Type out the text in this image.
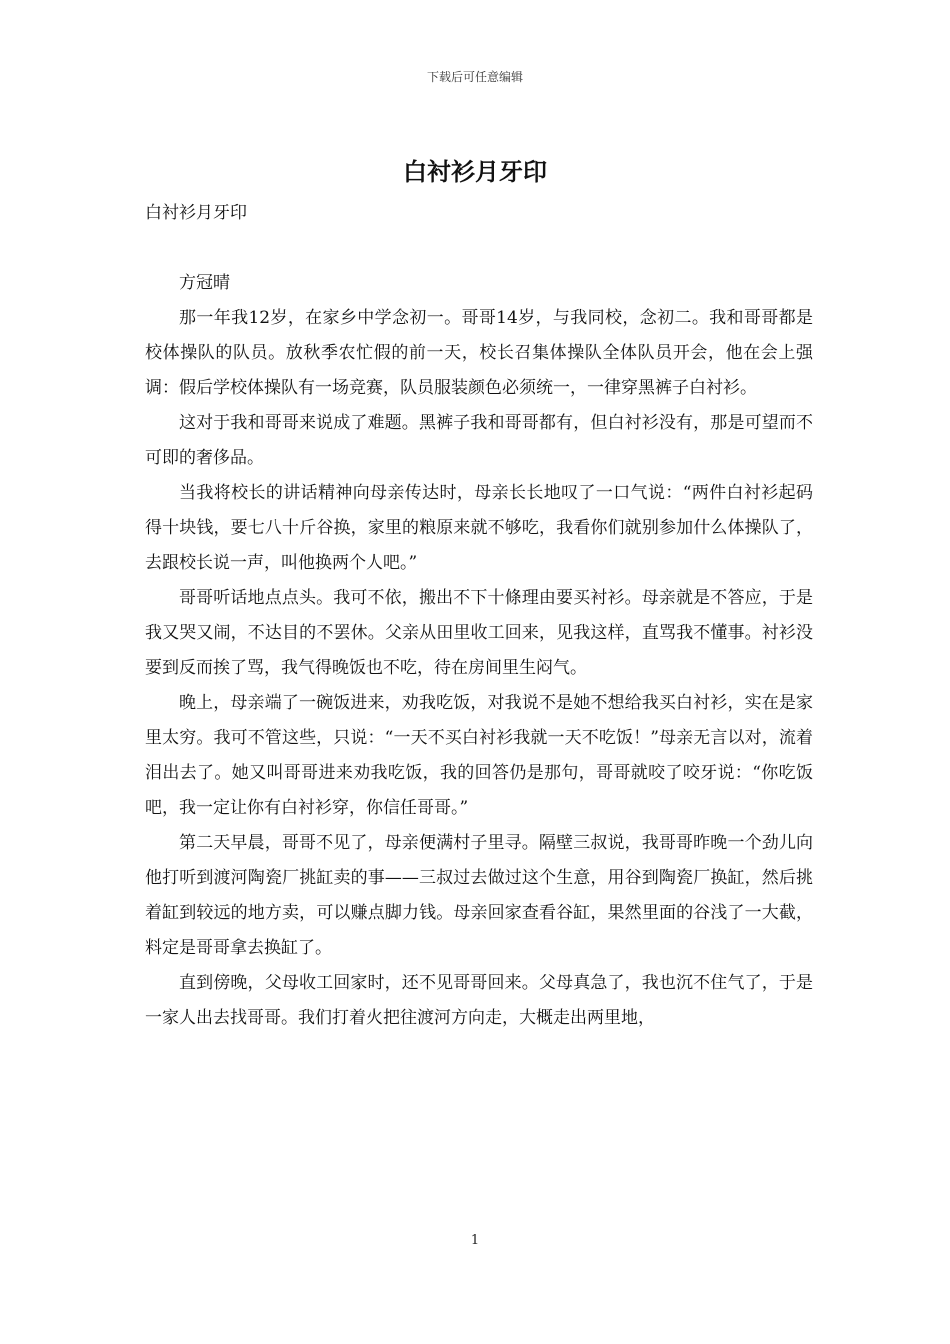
下载后可任意编辑
白衬衫月牙印

白衬衫月牙印

方冠晴

那一年我12岁，在家乡中学念初一。哥哥14岁，与我同校，念初二。我和哥哥都是校体操队的队员。放秋季农忙假的前一天，校长召集体操队全体队员开会，他在会上强调：假后学校体操队有一场竞赛，队员服装颜色必须统一，一律穿黑裤子白衬衫。

这对于我和哥哥来说成了难题。黑裤子我和哥哥都有，但白衬衫没有，那是可望而不可即的奢侈品。

当我将校长的讲话精神向母亲传达时，母亲长长地叹了一口气说：“两件白衬衫起码得十块钱，要七八十斤谷换，家里的粮原来就不够吃，我看你们就别参加什么体操队了，去跟校长说一声，叫他换两个人吧。”

哥哥听话地点点头。我可不依，搬出不下十條理由要买衬衫。母亲就是不答应，于是我又哭又闹，不达目的不罢休。父亲从田里收工回来，见我这样，直骂我不懂事。衬衫没要到反而挨了骂，我气得晚饭也不吃，待在房间里生闷气。

晚上，母亲端了一碗饭进来，劝我吃饭，对我说不是她不想给我买白衬衫，实在是家里太穷。我可不管这些，只说：“一天不买白衬衫我就一天不吃饭！”母亲无言以对，流着泪出去了。她又叫哥哥进来劝我吃饭，我的回答仍是那句，哥哥就咬了咬牙说：“你吃饭吧，我一定让你有白衬衫穿，你信任哥哥。”

第二天早晨，哥哥不见了，母亲便满村子里寻。隔壁三叔说，我哥哥昨晚一个劲儿向他打听到渡河陶瓷厂挑缸卖的事——三叔过去做过这个生意，用谷到陶瓷厂换缸，然后挑着缸到较远的地方卖，可以赚点脚力钱。母亲回家查看谷缸，果然里面的谷浅了一大截，料定是哥哥拿去换缸了。

直到傍晚，父母收工回家时，还不见哥哥回来。父母真急了，我也沉不住气了，于是一家人出去找哥哥。我们打着火把往渡河方向走，大概走出两里地，

1
